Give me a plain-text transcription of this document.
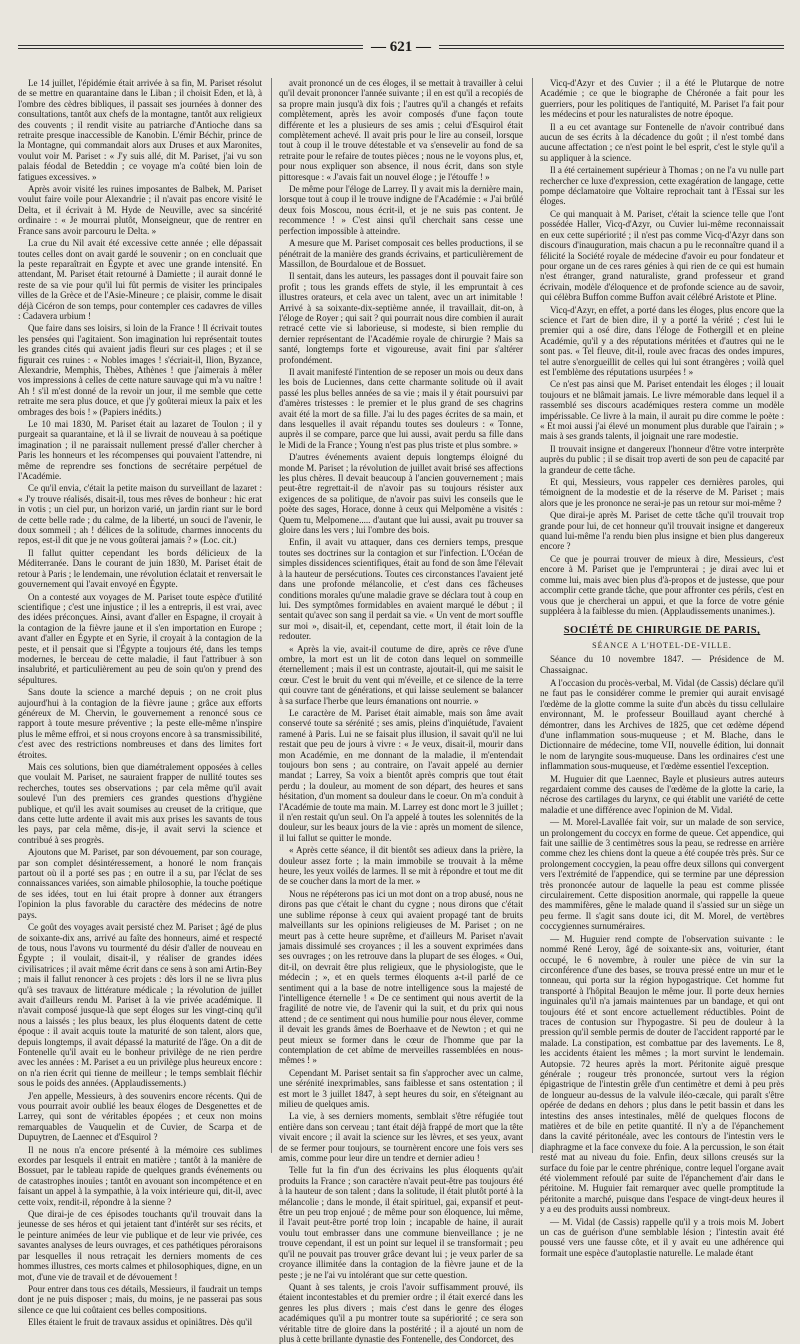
— 621 —

Le 14 juillet, l'épidémie était arrivée à sa fin, M. Pariset résolut de se mettre en quarantaine dans le Liban ; il choisit Eden, et là, à l'ombre des cèdres bibliques, il passait ses journées à donner des consultations, tantôt aux chefs de la montagne, tantôt aux religieux des couvents ; il rendit visite au patriarche d'Antioche dans sa retraite presque inaccessible de Kanobin. L'émir Béchir, prince de la Montagne, qui commandait alors aux Druses et aux Maronites, voulut voir M. Pariset : « J'y suis allé, dit M. Pariset, j'ai vu son palais féodal de Beteddin ; ce voyage m'a coûté bien loin de fatigues excessives. »

Après avoir visité les ruines imposantes de Balbek, M. Pariset voulut faire voile pour Alexandrie ; il n'avait pas encore visité le Delta, et il écrivait à M. Hyde de Neuville, avec sa sincérité ordinaire : « Je mourrai plutôt, Monseigneur, que de rentrer en France sans avoir parcouru le Delta. »

La crue du Nil avait été excessive cette année ; elle dépassait toutes celles dont on avait gardé le souvenir ; on en concluait que la peste reparaîtrait en Égypte et avec une grande intensité. En attendant, M. Pariset était retourné à Damiette ; il aurait donné le reste de sa vie pour qu'il lui fût permis de visiter les principales villes de la Grèce et de l'Asie-Mineure ; ce plaisir, comme le disait déjà Cicéron de son temps, pour contempler ces cadavres de villes : Cadavera urbium !

Que faire dans ses loisirs, si loin de la France ! Il écrivait toutes les pensées qui l'agitaient. Son imagination lui représentait toutes les grandes cités qui avaient jadis fleuri sur ces plages ; et il se figurait ces ruines : « Nobles images ! s'écriait-il, Ilion, Byzance, Alexandrie, Memphis, Thèbes, Athènes ! que j'aimerais à mêler vos impressions à celles de cette nature sauvage qui m'a vu naître ! Ah ! s'il m'est donné de la revoir un jour, il me semble que cette retraite me sera plus douce, et que j'y goûterai mieux la paix et les ombrages des bois ! » (Papiers inédits.)

Le 10 mai 1830, M. Pariset était au lazaret de Toulon ; il y purgeait sa quarantaine, et là il se livrait de nouveau à sa poétique imagination ; il ne paraissait nullement pressé d'aller chercher à Paris les honneurs et les récompenses qui pouvaient l'attendre, ni même de reprendre ses fonctions de secrétaire perpétuel de l'Académie.

Ce qu'il envia, c'était la petite maison du surveillant de lazaret : « J'y trouve réalisés, disait-il, tous mes rêves de bonheur : hic erat in votis ; un ciel pur, un horizon varié, un jardin riant sur le bord de cette belle rade ; du calme, de la liberté, un souci de l'avenir, le doux sommeil ; ah ! délices de la solitude, charmes innocents du repos, est-il dit que je ne vous goûterai jamais ? » (Loc. cit.)

Il fallut quitter cependant les bords délicieux de la Méditerranée. Dans le courant de juin 1830, M. Pariset était de retour à Paris ; le lendemain, une révolution éclatait et renversait le gouvernement qui l'avait envoyé en Égypte.

On a contesté aux voyages de M. Pariset toute espèce d'utilité scientifique ; c'est une injustice ; il les a entrepris, il est vrai, avec des idées préconçues. Ainsi, avant d'aller en Espagne, il croyait à la contagion de la fièvre jaune et il s'en importation en Europe ; avant d'aller en Égypte et en Syrie, il croyait à la contagion de la peste, et il pensait que si l'Égypte a toujours été, dans les temps modernes, le berceau de cette maladie, il faut l'attribuer à son insalubrité, et particulièrement au peu de soin qu'on y prend des sépultures.

Sans doute la science a marché depuis ; on ne croit plus aujourd'hui à la contagion de la fièvre jaune ; grâce aux efforts généreux de M. Chervin, le gouvernement a renoncé sous ce rapport à toute mesure préventive ; la peste elle-même n'inspire plus le même effroi, et si nous croyons encore à sa transmissibilité, c'est avec des restrictions nombreuses et dans des limites fort étroites.

Mais ces solutions, bien que diamétralement opposées à celles que voulait M. Pariset, ne sauraient frapper de nullité toutes ses recherches, toutes ses observations ; par cela même qu'il avait soulevé l'un des premiers ces grandes questions d'hygiène publique, et qu'il les avait soumises au creuset de la critique, que dans cette lutte ardente il avait mis aux prises les savants de tous les pays, par cela même, dis-je, il avait servi la science et contribué à ses progrès.

Ajoutons que M. Pariset, par son dévouement, par son courage, par son complet désintéressement, a honoré le nom français partout où il a porté ses pas ; en outre il a su, par l'éclat de ses connaissances variées, son aimable philosophie, la touche poétique de ses idées, tout en lui était propre à donner aux étrangers l'opinion la plus favorable du caractère des médecins de notre pays.

Ce goût des voyages avait persisté chez M. Pariset ; âgé de plus de soixante-dix ans, arrivé au faîte des honneurs, aimé et respecté de tous, nous l'avons vu tourmenté du désir d'aller de nouveau en Égypte ; il voulait, disait-il, y réaliser de grandes idées civilisatrices ; il avait même écrit dans ce sens à son ami Artin-Bey ; mais il fallut renoncer à ces projets : dès lors il ne se livra plus qu'à ses travaux de littérature médicale ; la révolution de juillet avait d'ailleurs rendu M. Pariset à la vie privée académique. Il n'avait composé jusque-là que sept éloges sur les vingt-cinq qu'il nous a laissés ; les plus beaux, les plus éloquents datent de cette époque : il avait acquis toute la maturité de son talent, alors que, depuis longtemps, il avait dépassé la maturité de l'âge. On a dit de Fontenelle qu'il avait eu le bonheur privilège de ne rien perdre avec les années : M. Pariset a eu un privilège plus heureux encore : on n'a rien écrit qui tienne de meilleur ; le temps semblait fléchir sous le poids des années. (Applaudissements.)

J'en appelle, Messieurs, à des souvenirs encore récents. Qui de vous pourrait avoir oublié les beaux éloges de Desgenettes et de Larrey, qui sont de véritables épopées ; et ceux non moins remarquables de Vauquelin et de Cuvier, de Scarpa et de Dupuytren, de Laennec et d'Esquirol ?

Il ne nous n'a encore présenté à la mémoire ces sublimes exordes par lesquels il entrait en matière ; tantôt à la manière de Bossuet, par le tableau rapide de quelques grands événements ou de catastrophes inouïes ; tantôt en avouant son incompétence et en faisant un appel à la sympathie, à la voix intérieure qui, dit-il, avec cette voix, rendit-il, répondre à la sienne ?

Que dirai-je de ces épisodes touchants qu'il trouvait dans la jeunesse de ses héros et qui jetaient tant d'intérêt sur ses récits, et le peinture animées de leur vie publique et de leur vie privée, ces savantes analyses de leurs ouvrages, et ces pathétiques péroraisons par lesquelles il nous retraçait les derniers moments de ces hommes illustres, ces morts calmes et philosophiques, digne, en un mot, d'une vie de travail et de dévouement !

Pour entrer dans tous ces détails, Messieurs, il faudrait un temps dont je ne puis disposer ; mais, du moins, je ne passerai pas sous silence ce que lui coûtaient ces belles compositions.

Elles étaient le fruit de travaux assidus et opiniâtres. Dès qu'il

avait prononcé un de ces éloges, il se mettait à travailler à celui qu'il devait prononcer l'année suivante ; il en est qu'il a recopiés de sa propre main jusqu'à dix fois ; l'autres qu'il a changés et refaits complètement, après les avoir composés d'une façon toute différente et les a plusieurs de ses amis ; celui d'Esquirol était complètement achevé. Il avait pris pour le lire au conseil, lorsque tout à coup il le trouve détestable et va s'ensevelir au fond de sa retraite pour le refaire de toutes pièces ; nous ne le voyons plus, et, pour nous expliquer son absence, il nous écrit, dans son style pittoresque : « J'avais fait un nouvel éloge ; je l'étouffe ! »

De même pour l'éloge de Larrey. Il y avait mis la dernière main, lorsque tout à coup il le trouve indigne de l'Académie : « J'ai brûlé deux fois Moscou, nous écrit-il, et je ne suis pas content. Je recommence ! » C'est ainsi qu'il cherchait sans cesse une perfection impossible à atteindre.

A mesure que M. Pariset composait ces belles productions, il se pénétrait de la manière des grands écrivains, et particulièrement de Massillon, de Bourdaloue et de Bossuet.

Il sentait, dans les auteurs, les passages dont il pouvait faire son profit ; tous les grands effets de style, il les empruntait à ces illustres orateurs, et cela avec un talent, avec un art inimitable ! Arrivé à sa soixante-dix-septième année, il travaillait, dit-on, à l'éloge de Royer ; qui sait ? qui pourrait nous dire combien il aurait retracé cette vie si laborieuse, si modeste, si bien remplie du dernier représentant de l'Académie royale de chirurgie ? Mais sa santé, longtemps forte et vigoureuse, avait fini par s'altérer profondément.

Il avait manifesté l'intention de se reposer un mois ou deux dans les bois de Luciennes, dans cette charmante solitude où il avait passé les plus belles années de sa vie ; mais il y était poursuivi par d'amères tristesses : le premier et le plus grand de ses chagrins avait été la mort de sa fille. J'ai lu des pages écrites de sa main, et dans lesquelles il avait répandu toutes ses douleurs : « Tonne, auprès il se compare, parce que lui aussi, avait perdu sa fille dans le Midi de la France ; Young n'est pas plus triste et plus sombre. »

D'autres événements avaient depuis longtemps éloigné du monde M. Pariset ; la révolution de juillet avait brisé ses affections les plus chères. Il devait beaucoup à l'ancien gouvernement ; mais peut-être regrettait-il de n'avoir pas su toujours résister aux exigences de sa politique, de n'avoir pas suivi les conseils que le poète des sages, Horace, donne à ceux qui Melpomène a visités : Quem tu, Melpomene..... d'autant que lui aussi, avait pu trouver sa gloire dans les vers ; lui l'ombre des bois.

Enfin, il avait vu attaquer, dans ces derniers temps, presque toutes ses doctrines sur la contagion et sur l'infection. L'Océan de simples dissidences scientifiques, était au fond de son âme l'élevait à la hauteur de persécutions. Toutes ces circonstances l'avaient jeté dans une profonde mélancolie, et c'est dans ces fâcheuses conditions morales qu'une maladie grave se déclara tout à coup en lui. Des symptômes formidables en avaient marqué le début ; il sentait qu'avec son sang il perdait sa vie. « Un vent de mort souffle sur moi », disait-il, et, cependant, cette mort, il était loin de la redouter.

« Après la vie, avait-il coutume de dire, après ce rêve d'une ombre, la mort est un lit de coton dans lequel on sommeille éternellement ; mais il est un contraste, ajoutait-il, qui me saisit le cœur. C'est le bruit du vent qui m'éveille, et ce silence de la terre qui couvre tant de générations, et qui laisse seulement se balancer à sa surface l'herbe que leurs émanations ont nourrie. »

Le caractère de M. Pariset était aimable, mais son âme avait conservé toute sa sérénité ; ses amis, pleins d'inquiétude, l'avaient ramené à Paris. Lui ne se faisait plus illusion, il savait qu'il ne lui restait que peu de jours à vivre : « Je veux, disait-il, mourir dans mon Académie, en me donnant de la maladie, il m'entendait toujours bon sens ; au contraire, on l'avait appelé au dernier mandat ; Larrey, Sa voix a bientôt après compris que tout était perdu ; la douleur, au moment de son départ, des heures et sans hésitation, d'un moment sa douleur dans le coeur. On m'a conduit à l'Académie de toute ma main. M. Larrey est donc mort le 3 juillet ; il n'en restait qu'un seul. On l'a appelé à toutes les solennités de la douleur, sur les beaux jours de la vie : après un moment de silence, il lui fallut se quitter le monde.

« Après cette séance, il dit bientôt ses adieux dans la prière, la douleur assez forte ; la main immobile se trouvait à la même heure, les yeux voilés de larmes. Il se mit à répondre et tout me dit de se coucher dans la mort de la mer. »

Nous ne répéterons pas ici un mot dont on a trop abusé, nous ne dirons pas que c'était le chant du cygne ; nous dirons que c'était une sublime réponse à ceux qui avaient propagé tant de bruits malveillants sur les opinions religieuses de M. Pariset ; on ne meurt pas à cette heure suprême, et d'ailleurs M. Pariset n'avait jamais dissimulé ses croyances ; il les a souvent exprimées dans ses ouvrages ; on les retrouve dans la plupart de ses éloges. « Oui, dit-il, on devrait être plus religieux, que le physiologiste, que le médecin ; », et en quels termes éloquents a-t-il parlé de ce sentiment qui a la base de notre intelligence sous la majesté de l'intelligence éternelle ! « De ce sentiment qui nous avertit de la fragilité de notre vie, de l'avenir qui la suit, et du prix qui nous attend ; de ce sentiment qui nous humilie pour nous élever, comme il devait les grands âmes de Boerhaave et de Newton ; et qui ne peut mieux se former dans le cœur de l'homme que par la contemplation de cet abîme de merveilles rassemblées en nous-mêmes ! »

Cependant M. Pariset sentait sa fin s'approcher avec un calme, une sérénité inexprimables, sans faiblesse et sans ostentation ; il est mort le 3 juillet 1847, à sept heures du soir, en s'éteignant au milieu de quelques amis.

La vie, à ses derniers moments, semblait s'être réfugiée tout entière dans son cerveau ; tant était déjà frappé de mort que la tête vivait encore ; il avait la science sur les lèvres, et ses yeux, avant de se fermer pour toujours, se tournèrent encore une fois vers ses amis, comme pour leur dire un tendre et dernier adieu !

Telle fut la fin d'un des écrivains les plus éloquents qu'ait produits la France ; son caractère n'avait peut-être pas toujours été à la hauteur de son talent ; dans la solitude, il était plutôt porté à la mélancolie ; dans le monde, il était spirituel, gai, expansif et peut-être un peu trop enjoué ; de même pour son éloquence, lui même, il l'avait peut-être porté trop loin ; incapable de haine, il aurait voulu tout embrasser dans une commune bienveillance ; je ne trouve cependant, il est un point sur lequel il se transformait ; peu qu'il ne pouvait pas trouver grâce devant lui ; je veux parler de sa croyance illimitée dans la contagion de la fièvre jaune et de la peste ; je ne l'ai vu intolérant que sur cette question.

Quant à ses talents, je crois l'avoir suffisamment prouvé, ils étaient incontestables et du premier ordre ; il était exercé dans les genres les plus divers ; mais c'est dans le genre des éloges académiques qu'il a pu montrer toute sa supériorité ; ce sera son véritable titre de gloire dans la postérité ; il a ajouté un nom de plus à cette brillante dynastie des Fontenelle, des Condorcet, des

Vicq-d'Azyr et des Cuvier ; il a été le Plutarque de notre Académie ; ce que le biographe de Chéronée a fait pour les guerriers, pour les politiques de l'antiquité, M. Pariset l'a fait pour les médecins et pour les naturalistes de notre époque.

Il a eu cet avantage sur Fontenelle de n'avoir contribué dans aucun de ses écrits à la décadence du goût ; il n'est tombé dans aucune affectation ; ce n'est point le bel esprit, c'est le style qu'il a su appliquer à la science.

Il a été certainement supérieur à Thomas ; on ne l'a vu nulle part rechercher ce luxe d'expression, cette exagération de langage, cette pompe déclamatoire que Voltaire reprochait tant à l'Essai sur les éloges.

Ce qui manquait à M. Pariset, c'était la science telle que l'ont possédée Haller, Vicq-d'Azyr, ou Cuvier lui-même reconnaissait en eux cette supériorité ; il n'est pas comme Vicq-d'Azyr dans son discours d'inauguration, mais chacun a pu le reconnaître quand il a félicité la Société royale de médecine d'avoir eu pour fondateur et pour organe un de ces rares génies à qui rien de ce qui est humain n'est étranger, grand naturaliste, grand professeur et grand écrivain, modèle d'éloquence et de profonde science au de savoir, qui célèbra Buffon comme Buffon avait célébré Aristote et Pline.

Vicq-d'Azyr, en effet, a porté dans les éloges, plus encore que la science et l'art de bien dire, il y a porté la vérité ; c'est lui le premier qui a osé dire, dans l'éloge de Fothergill et en pleine Académie, qu'il y a des réputations méritées et d'autres qui ne le sont pas. « Tel fleuve, dit-il, roule avec fracas des ondes impures, tel autre s'enorgueillit de celles qui lui sont étrangères ; voilà quel est l'emblème des réputations usurpées ! »

Ce n'est pas ainsi que M. Pariset entendait les éloges ; il louait toujours et ne blâmait jamais. Le livre mémorable dans lequel il a rassemblé ses discours académiques restera comme un modèle impérissable. Ce livre à la main, il aurait pu dire comme le poète : « Et moi aussi j'ai élevé un monument plus durable que l'airain ; » mais à ses grands talents, il joignait une rare modestie.

Il trouvait insigne et dangereux l'honneur d'être votre interprète auprès du public ; il se disait trop averti de son peu de capacité par la grandeur de cette tâche.

Et qui, Messieurs, vous rappeler ces dernières paroles, qui témoignent de la modestie et de la réserve de M. Pariset ; mais alors que je les prononce ne serai-je pas un retour sur moi-même ?

Que dirai-je après M. Pariset de cette tâche qu'il trouvait trop grande pour lui, de cet honneur qu'il trouvait insigne et dangereux quand lui-même l'a rendu bien plus insigne et bien plus dangereux encore ?

Ce que je pourrai trouver de mieux à dire, Messieurs, c'est encore à M. Pariset que je l'emprunterai ; je dirai avec lui et comme lui, mais avec bien plus d'à-propos et de justesse, que pour accomplir cette grande tâche, que pour affronter ces périls, c'est en vous que je chercherai un appui, et que la force de votre génie suppléera à la faiblesse du mien. (Applaudissements unanimes.).

SOCIÉTÉ DE CHIRURGIE DE PARIS,
SÉANCE A L'HOTEL-DE-VILLE.

Séance du 10 novembre 1847. — Présidence de M. Chassaignac.

A l'occasion du procès-verbal, M. Vidal (de Cassis) déclare qu'il ne faut pas le considérer comme le premier qui aurait envisagé l'œdème de la glotte comme la suite d'un abcès du tissu cellulaire environnant, M. le professeur Bouillaud ayant cherché à démontrer, dans les Archives de 1825, que cet œdème dépend d'une inflammation sous-muqueuse ; et M. Blache, dans le Dictionnaire de médecine, tome VII, nouvelle édition, lui donnait le nom de laryngite sous-muqueuse. Dans les ordinaires c'est une inflammation sous-muqueuse, et l'œdème essentiel l'exception.

M. Huguier dit que Laennec, Bayle et plusieurs autres auteurs regardaient comme des causes de l'œdème de la glotte la carie, la nécrose des cartilages du larynx, ce qui établit une variété de cette maladie et une différence avec l'opinion de M. Vidal.

— M. Morel-Lavallée fait voir, sur un malade de son service, un prolongement du coccyx en forme de queue. Cet appendice, qui fait une saillie de 3 centimètres sous la peau, se redresse en arrière comme chez les chiens dont la queue a été coupée très près. Sur ce prolongement coccygien, la peau offre deux sillons qui convergent vers l'extrémité de l'appendice, qui se termine par une dépression très prononcée autour de laquelle la peau est comme plissée circulairement. Cette disposition anormale, qui rappelle la queue des mammifères, gêne le malade quand il s'assied sur un siège un peu ferme. Il s'agit sans doute ici, dit M. Morel, de vertèbres coccygiennes surnuméraires.

— M. Huguier rend compte de l'observation suivante : le nommé René Leroy, âgé de soixante-six ans, voiturier, étant occupé, le 6 novembre, à rouler une pièce de vin sur la circonférence d'une des bases, se trouva pressé entre un mur et le tonneau, qui porta sur la région hypogastrique. Cet homme fut transporté à l'hôpital Beaujon le même jour. Il porte deux hernies inguinales qu'il n'a jamais maintenues par un bandage, et qui ont toujours été et sont encore actuellement réductibles. Point de traces de contusion sur l'hypogastre. Si peu de douleur à la pression qu'il semble permis de douter de l'accident rapporté par le malade. La constipation, est combattue par des lavements. Le 8, les accidents étaient les mêmes ; la mort survint le lendemain. Autopsie. 72 heures après la mort. Péritonite aiguë presque générale ; rougeur très prononcée, surtout vers la région épigastrique de l'intestin grêle d'un centimètre et demi à peu près de longueur au-dessus de la valvule iléo-cæcale, qui paraît s'être opérée de dedans en dehors ; plus dans le petit bassin et dans les intestins des anses intestinales, mêlé de quelques flocons de matières et de bile en petite quantité. Il n'y a de l'épanchement dans la cavité péritonéale, avec les contours de l'intestin vers le diaphragme et la face convexe du foie. A la percussion, le son était resté mat au niveau du foie. Enfin, deux sillons creusés sur la surface du foie par le centre phrénique, contre lequel l'organe avait été violemment refoulé par suite de l'épanchement d'air dans le péritoine. M. Huguier fait remarquer avec quelle promptitude la péritonite a marché, puisque dans l'espace de vingt-deux heures il y a eu des produits aussi nombreux.

— M. Vidal (de Cassis) rappelle qu'il y a trois mois M. Jobert un cas de guérison d'une semblable lésion ; l'intestin avait été poussé vers une fausse côte, et il y avait eu une adhérence qui formait une espèce d'autoplastie naturelle. Le malade étant
